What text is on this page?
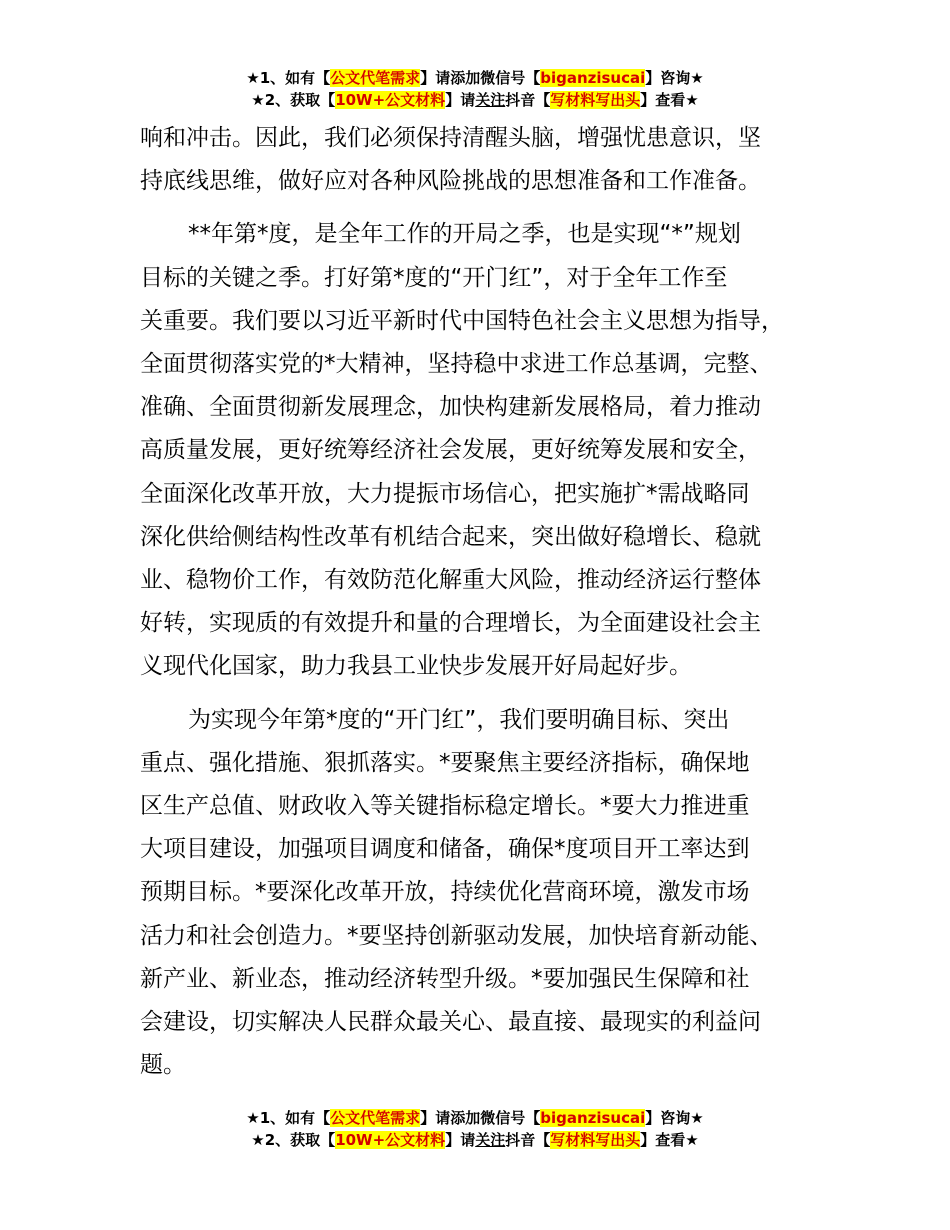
★1、如有【公文代笔需求】请添加微信号【biganzisucai】咨询★
★2、获取【10W+公文材料】请关注抖音【写材料写出头】查看★

响和冲击。因此，我们必须保持清醒头脑，增强忧患意识，坚
持底线思维，做好应对各种风险挑战的思想准备和工作准备。

**年第*度，是全年工作的开局之季，也是实现“*”规划
目标的关键之季。打好第*度的“开门红”，对于全年工作至
关重要。我们要以习近平新时代中国特色社会主义思想为指导，
全面贯彻落实党的*大精神，坚持稳中求进工作总基调，完整、
准确、全面贯彻新发展理念，加快构建新发展格局，着力推动
高质量发展，更好统筹经济社会发展，更好统筹发展和安全，
全面深化改革开放，大力提振市场信心，把实施扩*需战略同
深化供给侧结构性改革有机结合起来，突出做好稳增长、稳就
业、稳物价工作，有效防范化解重大风险，推动经济运行整体
好转，实现质的有效提升和量的合理增长，为全面建设社会主
义现代化国家，助力我县工业快步发展开好局起好步。

为实现今年第*度的“开门红”，我们要明确目标、突出
重点、强化措施、狠抓落实。*要聚焦主要经济指标，确保地
区生产总值、财政收入等关键指标稳定增长。*要大力推进重
大项目建设，加强项目调度和储备，确保*度项目开工率达到
预期目标。*要深化改革开放，持续优化营商环境，激发市场
活力和社会创造力。*要坚持创新驱动发展，加快培育新动能、
新产业、新业态，推动经济转型升级。*要加强民生保障和社
会建设，切实解决人民群众最关心、最直接、最现实的利益问
题。

★1、如有【公文代笔需求】请添加微信号【biganzisucai】咨询★
★2、获取【10W+公文材料】请关注抖音【写材料写出头】查看★
